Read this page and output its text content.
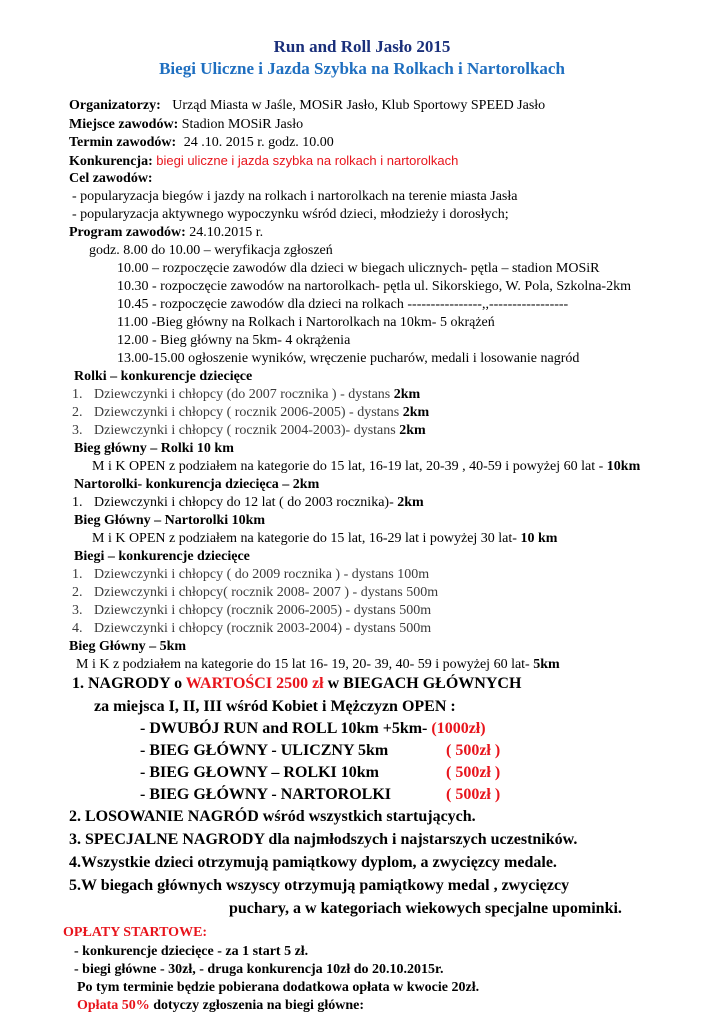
Run and Roll Jasło 2015
Biegi Uliczne i Jazda Szybka na Rolkach i Nartorolkach
Organizatorzy: Urząd Miasta w Jaśle, MOSiR Jasło, Klub Sportowy SPEED Jasło
Miejsce zawodów: Stadion MOSiR Jasło
Termin zawodów: 24 .10. 2015 r. godz. 10.00
Konkurencja: biegi uliczne i jazda szybka na rolkach i nartorolkach
Cel zawodów:
- popularyzacja biegów i jazdy na rolkach i nartorolkach na terenie miasta Jasła
- popularyzacja aktywnego wypoczynku wśród dzieci, młodzieży i dorosłych;
Program zawodów: 24.10.2015 r.
godz. 8.00 do 10.00 – weryfikacja zgłoszeń
10.00 – rozpoczęcie zawodów dla dzieci w biegach ulicznych- pętla – stadion MOSiR
10.30 - rozpoczęcie zawodów na nartorolkach- pętla ul. Sikorskiego, W. Pola, Szkolna-2km
10.45 - rozpoczęcie zawodów dla dzieci na rolkach ----------------,,-----------------
11.00 -Bieg główny na Rolkach i Nartorolkach na 10km- 5 okrążeń
12.00 - Bieg główny na 5km- 4 okrążenia
13.00-15.00 ogłoszenie wyników, wręczenie pucharów, medali i losowanie nagród
Rolki – konkurencje dziecięce
1. Dziewczynki i chłopcy (do 2007 rocznika ) - dystans 2km
2. Dziewczynki i chłopcy ( rocznik 2006-2005) - dystans 2km
3. Dziewczynki i chłopcy ( rocznik 2004-2003)- dystans 2km
Bieg główny – Rolki 10 km
M i K OPEN z podziałem na kategorie do 15 lat, 16-19 lat, 20-39 , 40-59 i powyżej 60 lat - 10km
Nartorolki- konkurencja dziecięca – 2km
1. Dziewczynki i chłopcy do 12 lat ( do 2003 rocznika)- 2km
Bieg Główny – Nartorolki 10km
M i K OPEN z podziałem na kategorie do 15 lat, 16-29 lat i powyżej 30 lat- 10 km
Biegi – konkurencje dziecięce
1. Dziewczynki i chłopcy ( do 2009 rocznika ) - dystans 100m
2. Dziewczynki i chłopcy( rocznik 2008- 2007 ) - dystans 500m
3. Dziewczynki i chłopcy (rocznik 2006-2005) - dystans 500m
4. Dziewczynki i chłopcy (rocznik 2003-2004) - dystans 500m
Bieg Główny – 5km
M i K z podziałem na kategorie do 15 lat 16- 19, 20- 39, 40- 59 i powyżej 60 lat- 5km
1. NAGRODY o WARTOŚCI 2500 zł w BIEGACH GŁÓWNYCH
za miejsca I, II, III wśród Kobiet i Mężczyzn OPEN :
- DWUBÓJ RUN and ROLL 10km +5km- (1000zł)
- BIEG GŁÓWNY - ULICZNY 5km	( 500zł )
- BIEG GŁOWNY – ROLKI 10km	( 500zł )
- BIEG GŁÓWNY - NARTOROLKI	( 500zł )
2. LOSOWANIE NAGRÓD wśród wszystkich startujących.
3. SPECJALNE NAGRODY dla najmłodszych i najstarszych uczestników.
4.Wszystkie dzieci otrzymują pamiątkowy dyplom, a zwycięzcy medale.
5.W biegach głównych wszyscy otrzymują pamiątkowy medal , zwycięzcy
puchary, a w kategoriach wiekowych specjalne upominki.
OPŁATY STARTOWE:
- konkurencje dziecięce - za 1 start 5 zł.
- biegi główne - 30zł, - druga konkurencja 10zł do 20.10.2015r.
Po tym terminie będzie pobierana dodatkowa opłata w kwocie 20zł.
Opłata 50% dotyczy zgłoszenia na biegi główne:
